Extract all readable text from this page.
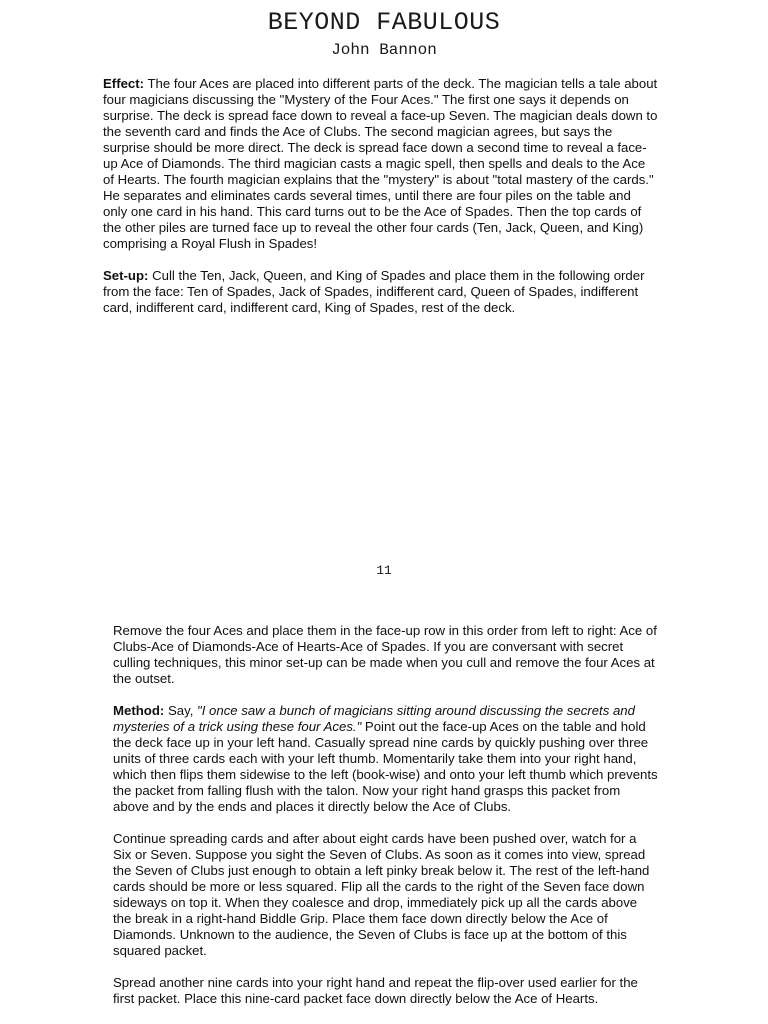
BEYOND FABULOUS
John Bannon

Effect: The four Aces are placed into different parts of the deck. The magician tells a tale about four magicians discussing the "Mystery of the Four Aces." The first one says it depends on surprise. The deck is spread face down to reveal a face-up Seven. The magician deals down to the seventh card and finds the Ace of Clubs. The second magician agrees, but says the surprise should be more direct. The deck is spread face down a second time to reveal a face-up Ace of Diamonds. The third magician casts a magic spell, then spells and deals to the Ace of Hearts. The fourth magician explains that the "mystery" is about "total mastery of the cards." He separates and eliminates cards several times, until there are four piles on the table and only one card in his hand. This card turns out to be the Ace of Spades. Then the top cards of the other piles are turned face up to reveal the other four cards (Ten, Jack, Queen, and King) comprising a Royal Flush in Spades!

Set-up: Cull the Ten, Jack, Queen, and King of Spades and place them in the following order from the face: Ten of Spades, Jack of Spades, indifferent card, Queen of Spades, indifferent card, indifferent card, indifferent card, King of Spades, rest of the deck.

11

Remove the four Aces and place them in the face-up row in this order from left to right: Ace of Clubs-Ace of Diamonds-Ace of Hearts-Ace of Spades. If you are conversant with secret culling techniques, this minor set-up can be made when you cull and remove the four Aces at the outset.

Method: Say, "I once saw a bunch of magicians sitting around discussing the secrets and mysteries of a trick using these four Aces." Point out the face-up Aces on the table and hold the deck face up in your left hand. Casually spread nine cards by quickly pushing over three units of three cards each with your left thumb. Momentarily take them into your right hand, which then flips them sidewise to the left (book-wise) and onto your left thumb which prevents the packet from falling flush with the talon. Now your right hand grasps this packet from above and by the ends and places it directly below the Ace of Clubs.

Continue spreading cards and after about eight cards have been pushed over, watch for a Six or Seven. Suppose you sight the Seven of Clubs. As soon as it comes into view, spread the Seven of Clubs just enough to obtain a left pinky break below it. The rest of the left-hand cards should be more or less squared. Flip all the cards to the right of the Seven face down sideways on top it. When they coalesce and drop, immediately pick up all the cards above the break in a right-hand Biddle Grip. Place them face down directly below the Ace of Diamonds. Unknown to the audience, the Seven of Clubs is face up at the bottom of this squared packet.

Spread another nine cards into your right hand and repeat the flip-over used earlier for the first packet. Place this nine-card packet face down directly below the Ace of Hearts.
